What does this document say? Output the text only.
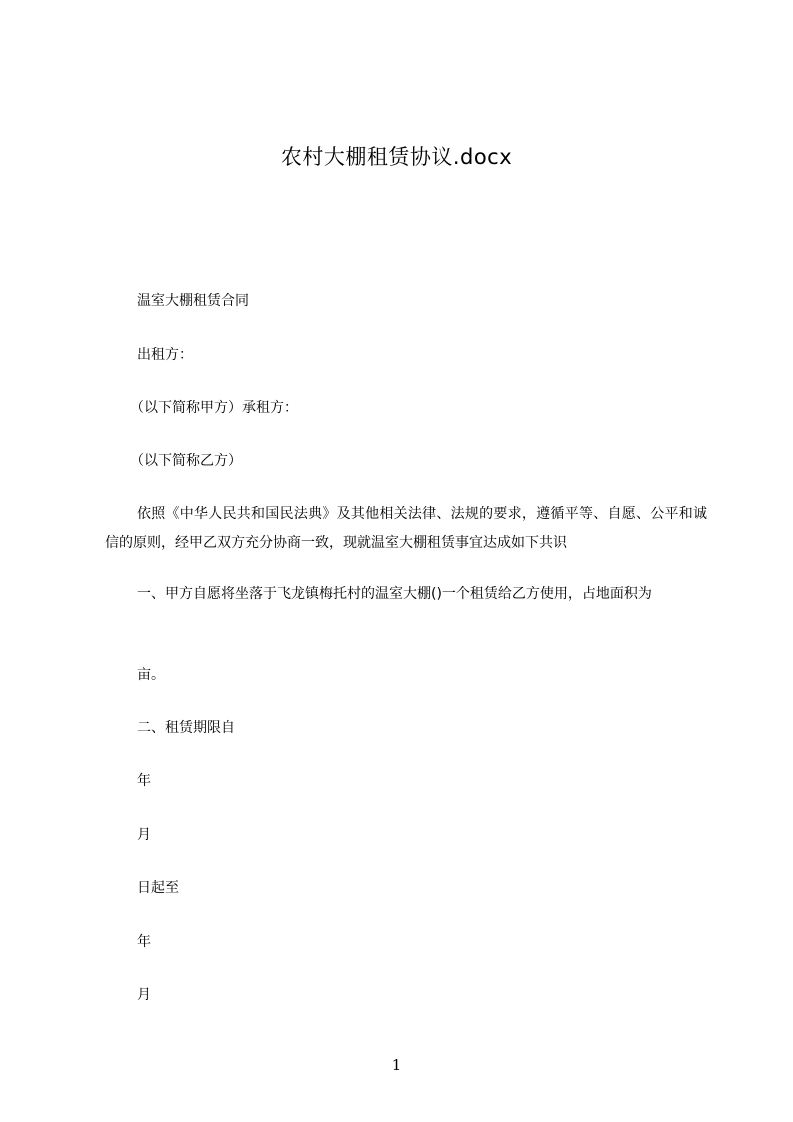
农村大棚租赁协议.docx
温室大棚租赁合同
出租方：
（以下简称甲方）承租方：
（以下简称乙方）
依照《中华人民共和国民法典》及其他相关法律、法规的要求，遵循平等、自愿、公平和诚信的原则，经甲乙双方充分协商一致，现就温室大棚租赁事宜达成如下共识
一、甲方自愿将坐落于飞龙镇梅托村的温室大棚()一个租赁给乙方使用，占地面积为
亩。
二、租赁期限自
年
月
日起至
年
月
1
